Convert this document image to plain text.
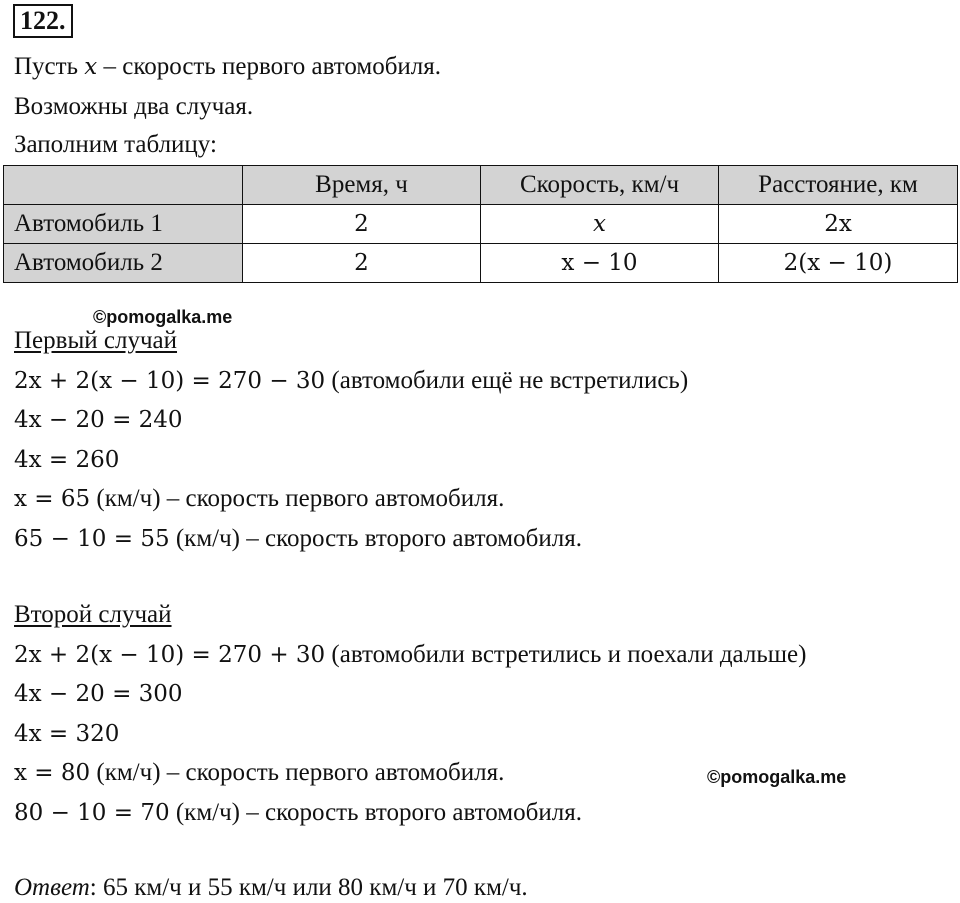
122.
Пусть x – скорость первого автомобиля.
Возможны два случая.
Заполним таблицу:
	Время, ч	Скорость, км/ч	Расстояние, км
Автомобиль 1	2	x	2x
Автомобиль 2	2	x − 10	2(x − 10)
©pomogalka.me
Первый случай
2x + 2(x − 10) = 270 − 30 (автомобили ещё не встретились)
4x − 20 = 240
4x = 260
x = 65 (км/ч) – скорость первого автомобиля.
65 − 10 = 55 (км/ч) – скорость второго автомобиля.
Второй случай
2x + 2(x − 10) = 270 + 30 (автомобили встретились и поехали дальше)
4x − 20 = 300
4x = 320
x = 80 (км/ч) – скорость первого автомобиля.
80 − 10 = 70 (км/ч) – скорость второго автомобиля.
©pomogalka.me
Ответ: 65 км/ч и 55 км/ч или 80 км/ч и 70 км/ч.
